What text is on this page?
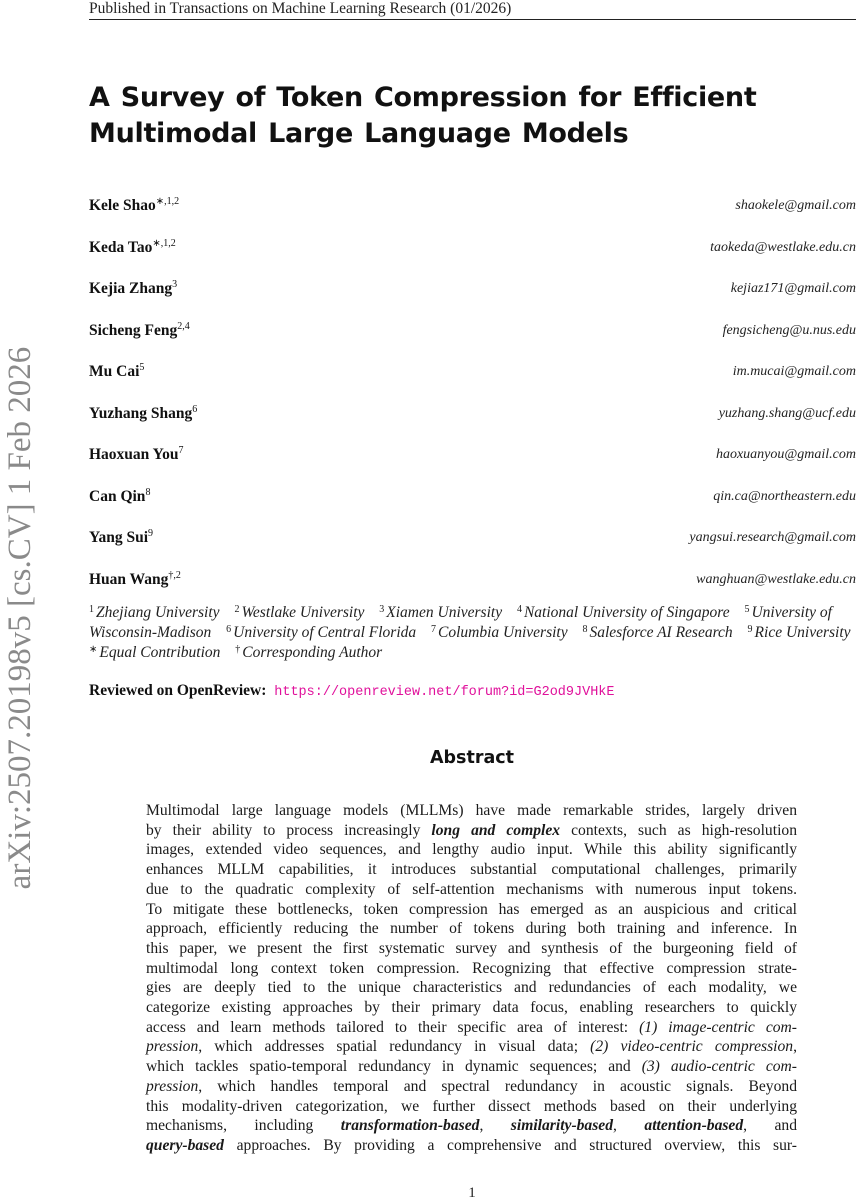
Published in Transactions on Machine Learning Research (01/2026)
arXiv:2507.20198v5 [cs.CV] 1 Feb 2026
A Survey of Token Compression for Efficient Multimodal Large Language Models
Kele Shao$^{∗,1,2}$	shaokele@gmail.com
Keda Tao$^{∗,1,2}$	taokeda@westlake.edu.cn
Kejia Zhang$^3$	kejiaz171@gmail.com
Sicheng Feng$^{2,4}$	fengsicheng@u.nus.edu
Mu Cai$^5$	im.mucai@gmail.com
Yuzhang Shang$^6$	yuzhang.shang@ucf.edu
Haoxuan You$^7$	haoxuanyou@gmail.com
Can Qin$^8$	qin.ca@northeastern.edu
Yang Sui$^9$	yangsui.research@gmail.com
Huan Wang$^{\dagger,2}$	wanghuan@westlake.edu.cn
$^1$ Zhejiang University $^2$ Westlake University $^3$ Xiamen University $^4$ National University of Singapore $^5$ University of Wisconsin-Madison $^6$ University of Central Florida $^7$ Columbia University $^8$ Salesforce AI Research $^9$ Rice University ∗ Equal Contribution † Corresponding Author
Reviewed on OpenReview: https://openreview.net/forum?id=G2od9JVHkE
Abstract
Multimodal large language models (MLLMs) have made remarkable strides, largely driven
by their ability to process increasingly long and complex contexts, such as high-resolution
images, extended video sequences, and lengthy audio input. While this ability significantly
enhances MLLM capabilities, it introduces substantial computational challenges, primarily
due to the quadratic complexity of self-attention mechanisms with numerous input tokens.
To mitigate these bottlenecks, token compression has emerged as an auspicious and critical
approach, efficiently reducing the number of tokens during both training and inference. In
this paper, we present the first systematic survey and synthesis of the burgeoning field of
multimodal long context token compression. Recognizing that effective compression strate-
gies are deeply tied to the unique characteristics and redundancies of each modality, we
categorize existing approaches by their primary data focus, enabling researchers to quickly
access and learn methods tailored to their specific area of interest: (1) image-centric com-
pression, which addresses spatial redundancy in visual data; (2) video-centric compression,
which tackles spatio-temporal redundancy in dynamic sequences; and (3) audio-centric com-
pression, which handles temporal and spectral redundancy in acoustic signals. Beyond
this modality-driven categorization, we further dissect methods based on their underlying
mechanisms, including transformation-based, similarity-based, attention-based, and
query-based approaches. By providing a comprehensive and structured overview, this sur-
1
